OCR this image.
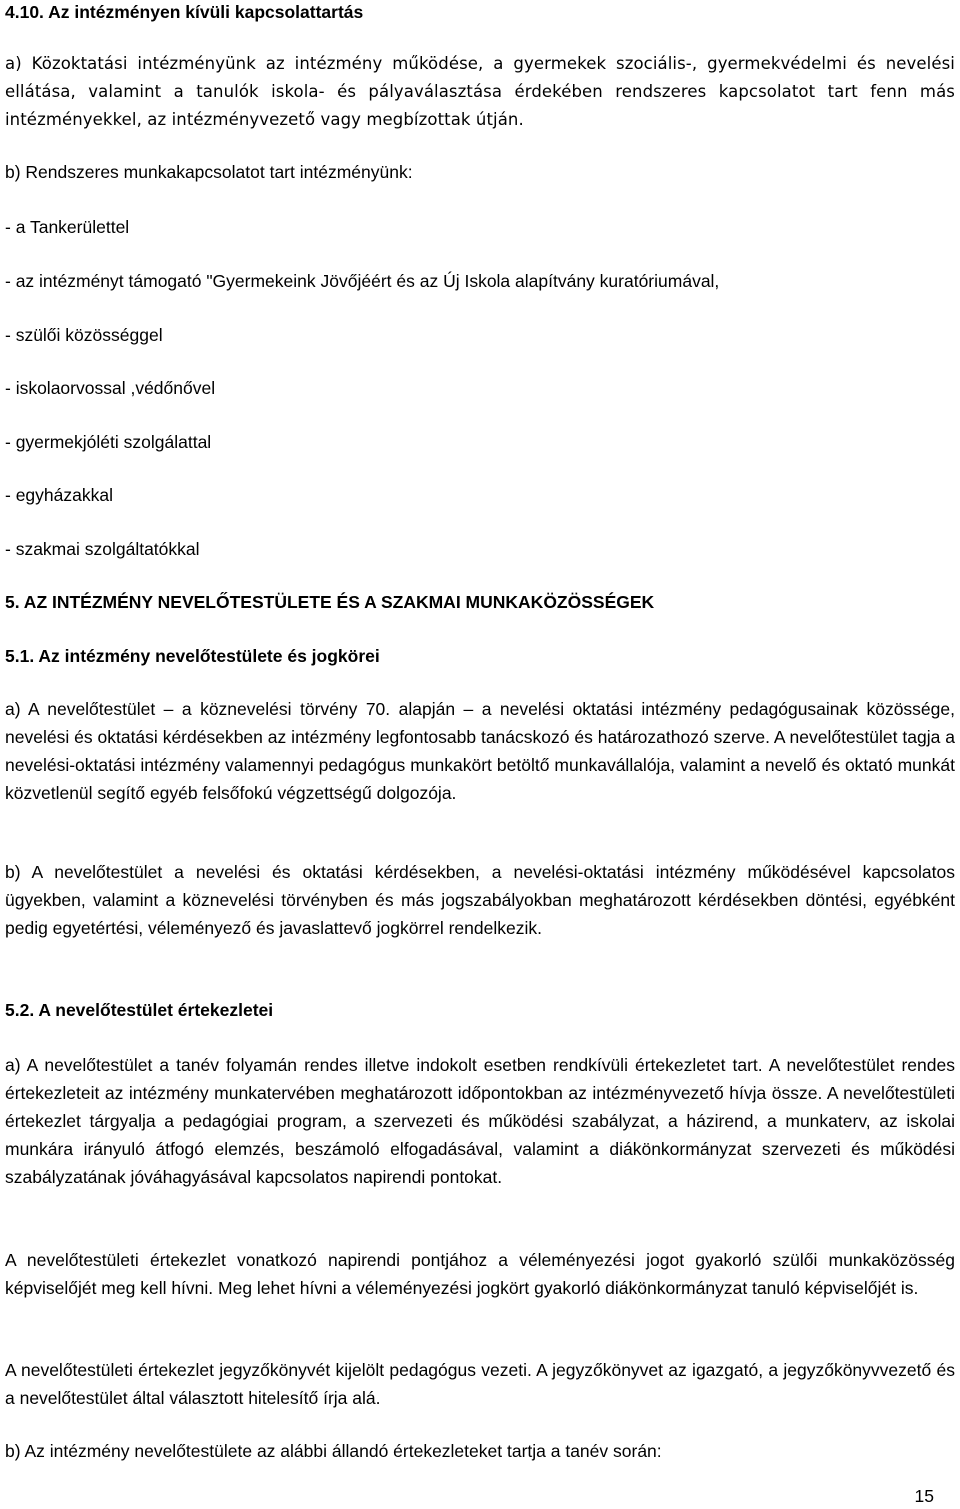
4.10. Az intézményen kívüli kapcsolattartás

a) Közoktatási intézményünk az intézmény működése, a gyermekek szociális-, gyermekvédelmi és nevelési ellátása, valamint a tanulók iskola- és pályaválasztása érdekében rendszeres kapcsolatot tart fenn más intézményekkel, az intézményvezető vagy megbízottak útján.

b) Rendszeres munkakapcsolatot tart intézményünk:

- a Tankerülettel

- az intézményt támogató "Gyermekeink Jövőjéért és az Új Iskola alapítvány kuratóriumával,

- szülői közösséggel

- iskolaorvossal ,védőnővel

- gyermekjóléti szolgálattal

- egyházakkal

- szakmai szolgáltatókkal

5. AZ INTÉZMÉNY NEVELŐTESTÜLETE ÉS A SZAKMAI MUNKAKÖZÖSSÉGEK
5.1. Az intézmény nevelőtestülete és jogkörei

a) A nevelőtestület – a köznevelési törvény 70. alapján – a nevelési oktatási intézmény pedagógusainak közössége, nevelési és oktatási kérdésekben az intézmény legfontosabb tanácskozó és határozathozó szerve. A nevelőtestület tagja a nevelési-oktatási intézmény valamennyi pedagógus munkakört betöltő munkavállalója, valamint a nevelő és oktató munkát közvetlenül segítő egyéb felsőfokú végzettségű dolgozója.

b) A nevelőtestület a nevelési és oktatási kérdésekben, a nevelési-oktatási intézmény működésével kapcsolatos ügyekben, valamint a köznevelési törvényben és más jogszabályokban meghatározott kérdésekben döntési, egyébként pedig egyetértési, véleményező és javaslattevő jogkörrel rendelkezik.

5.2. A nevelőtestület értekezletei

a) A nevelőtestület a tanév folyamán rendes illetve indokolt esetben rendkívüli értekezletet tart. A nevelőtestület rendes értekezleteit az intézmény munkatervében meghatározott időpontokban az intézményvezető hívja össze. A nevelőtestületi értekezlet tárgyalja a pedagógiai program, a szervezeti és működési szabályzat, a házirend, a munkaterv, az iskolai munkára irányuló átfogó elemzés, beszámoló elfogadásával, valamint a diákönkormányzat szervezeti és működési szabályzatának jóváhagyásával kapcsolatos napirendi pontokat.

A nevelőtestületi értekezlet vonatkozó napirendi pontjához a véleményezési jogot gyakorló szülői munkaközösség képviselőjét meg kell hívni. Meg lehet hívni a véleményezési jogkört gyakorló diákönkormányzat tanuló képviselőjét is.

A nevelőtestületi értekezlet jegyzőkönyvét kijelölt pedagógus vezeti. A jegyzőkönyvet az igazgató, a jegyzőkönyvvezető és a nevelőtestület által választott hitelesítő írja alá.

b) Az intézmény nevelőtestülete az alábbi állandó értekezleteket tartja a tanév során:

15
